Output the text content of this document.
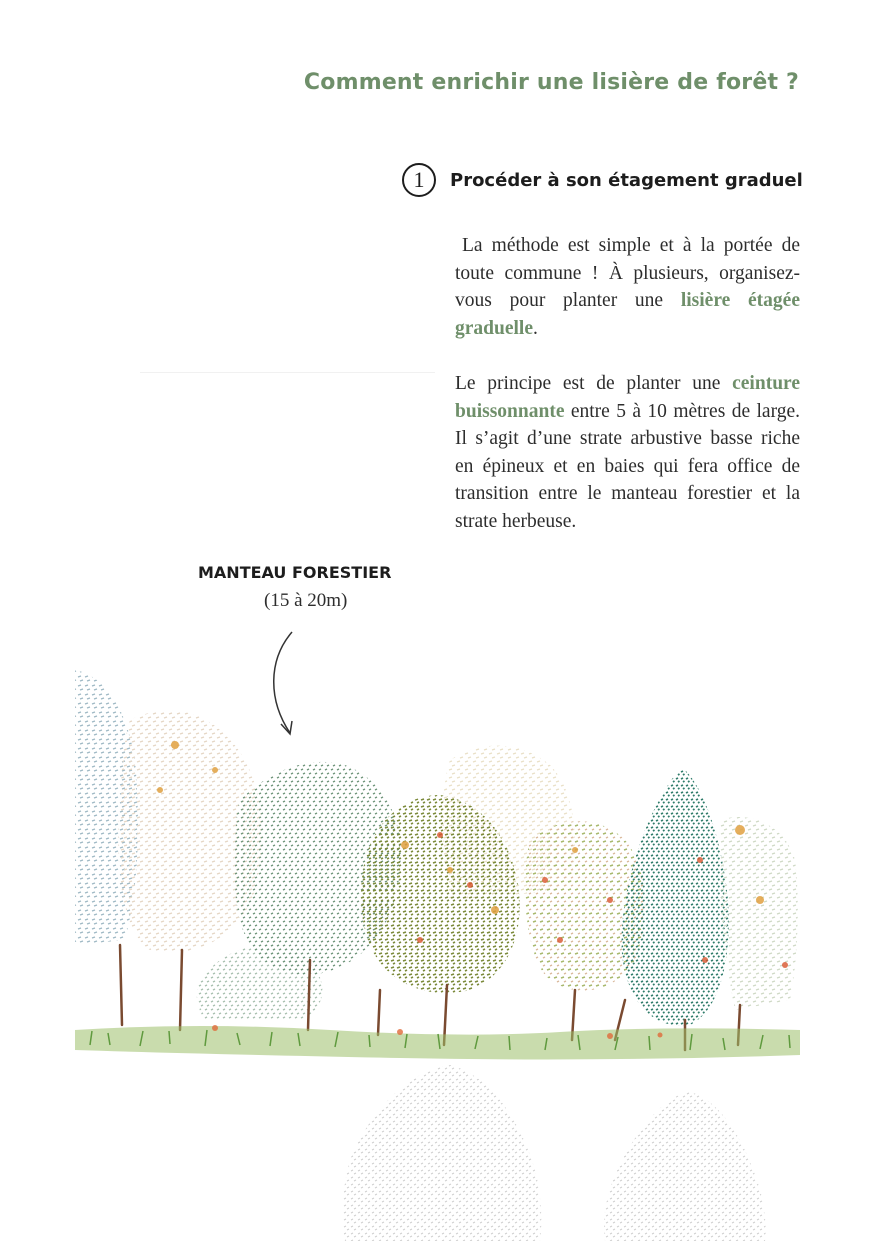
Comment enrichir une lisière de forêt ?
1	Procéder à son étagement graduel

La méthode est simple et à la portée de toute commune ! À plusieurs, organisez-vous pour planter une lisière étagée graduelle.

Le principe est de planter une ceinture buissonnante entre 5 à 10 mètres de large. Il s’agit d’une strate arbustive basse riche en épineux et en baies qui fera office de transition entre le manteau forestier et la strate herbeuse.

MANTEAU FORESTIER
(15 à 20m)
